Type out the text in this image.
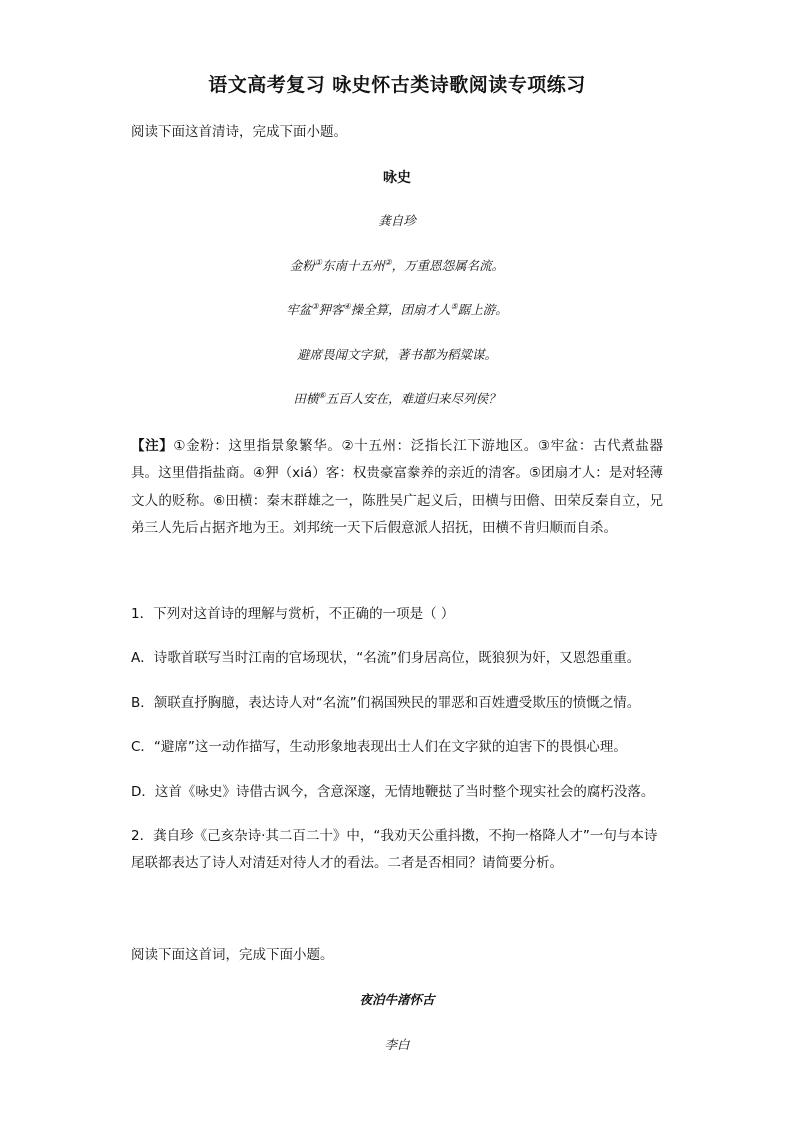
语文高考复习 咏史怀古类诗歌阅读专项练习

阅读下面这首清诗，完成下面小题。

咏史

龚自珍

金粉①东南十五州②，万重恩怨属名流。

牢盆③狎客④操全算，团扇才人⑤踞上游。

避席畏闻文字狱，著书都为稻粱谋。

田横⑥五百人安在，难道归来尽列侯？

【注】①金粉：这里指景象繁华。②十五州：泛指长江下游地区。③牢盆：古代煮盐器具。这里借指盐商。④狎（xiá）客：权贵豪富豢养的亲近的清客。⑤团扇才人：是对轻薄文人的贬称。⑥田横：秦末群雄之一，陈胜吴广起义后，田横与田儋、田荣反秦自立，兄弟三人先后占据齐地为王。刘邦统一天下后假意派人招抚，田横不肯归顺而自杀。

1．下列对这首诗的理解与赏析，不正确的一项是（ ）

A．诗歌首联写当时江南的官场现状，“名流”们身居高位，既狼狈为奸，又恩怨重重。

B．颔联直抒胸臆，表达诗人对“名流”们祸国殃民的罪恶和百姓遭受欺压的愤慨之情。

C．“避席”这一动作描写，生动形象地表现出士人们在文字狱的迫害下的畏惧心理。

D．这首《咏史》诗借古讽今，含意深邃，无情地鞭挞了当时整个现实社会的腐朽没落。

2．龚自珍《己亥杂诗·其二百二十》中，“我劝天公重抖擞，不拘一格降人才”一句与本诗尾联都表达了诗人对清廷对待人才的看法。二者是否相同？请简要分析。

阅读下面这首词，完成下面小题。

夜泊牛渚怀古

李白
